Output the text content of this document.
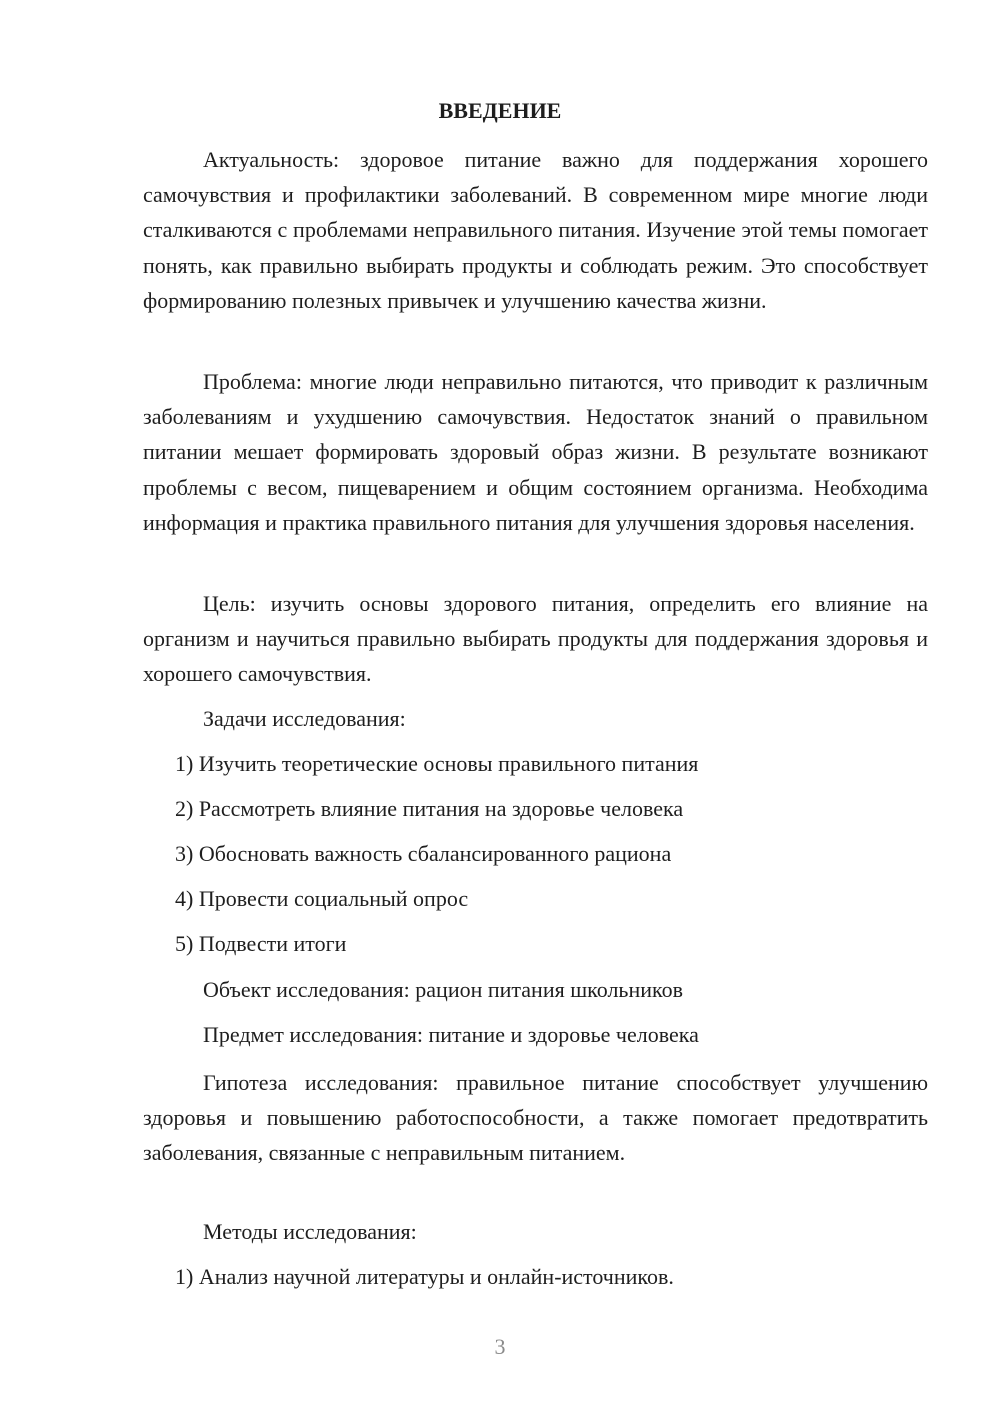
ВВЕДЕНИЕ

Актуальность: здоровое питание важно для поддержания хорошего самочувствия и профилактики заболеваний. В современном мире многие люди сталкиваются с проблемами неправильного питания. Изучение этой темы помогает понять, как правильно выбирать продукты и соблюдать режим. Это способствует формированию полезных привычек и улучшению качества жизни.

Проблема: многие люди неправильно питаются, что приводит к различным заболеваниям и ухудшению самочувствия. Недостаток знаний о правильном питании мешает формировать здоровый образ жизни. В результате возникают проблемы с весом, пищеварением и общим состоянием организма. Необходима информация и практика правильного питания для улучшения здоровья населения.

Цель: изучить основы здорового питания, определить его влияние на организм и научиться правильно выбирать продукты для поддержания здоровья и хорошего самочувствия.

Задачи исследования:

1) Изучить теоретические основы правильного питания

2) Рассмотреть влияние питания на здоровье человека

3) Обосновать важность сбалансированного рациона

4) Провести социальный опрос

5) Подвести итоги

Объект исследования: рацион питания школьников

Предмет исследования: питание и здоровье человека

Гипотеза исследования: правильное питание способствует улучшению здоровья и повышению работоспособности, а также помогает предотвратить заболевания, связанные с неправильным питанием.

Методы исследования:

1) Анализ научной литературы и онлайн-источников.

3
